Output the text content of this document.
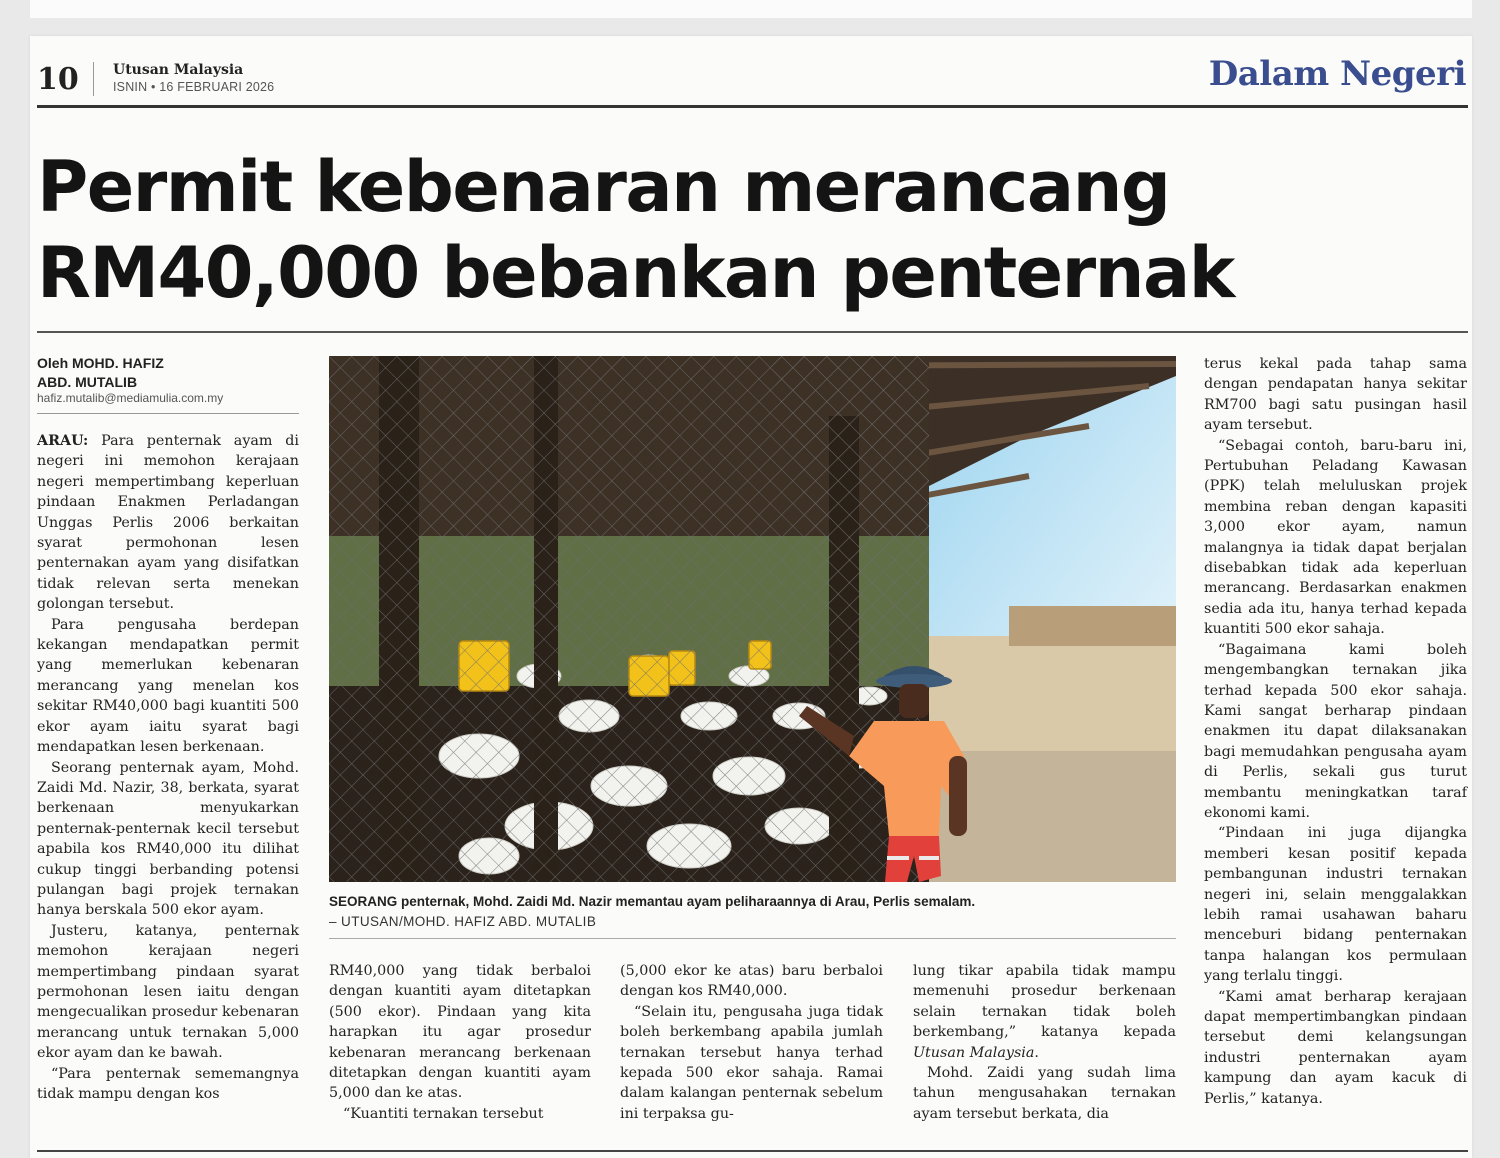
10 Utusan Malaysia
ISNIN • 16 FEBRUARI 2026	Dalam Negeri
Permit kebenaran merancang RM40,000 bebankan penternak
Oleh MOHD. HAFIZ
ABD. MUTALIB
hafiz.mutalib@mediamulia.com.my

ARAU: Para penternak ayam di negeri ini memohon kerajaan negeri mempertimbang keperluan pindaan Enakmen Perladangan Unggas Perlis 2006 berkaitan syarat permohonan lesen penternakan ayam yang disifatkan tidak relevan serta menekan golongan tersebut.

Para pengusaha berdepan kekangan mendapatkan permit yang memerlukan kebenaran merancang yang menelan kos sekitar RM40,000 bagi kuantiti 500 ekor ayam iaitu syarat bagi mendapatkan lesen berkenaan.

Seorang penternak ayam, Mohd. Zaidi Md. Nazir, 38, berkata, syarat berkenaan menyukarkan penternak-penternak kecil tersebut apabila kos RM40,000 itu dilihat cukup tinggi berbanding potensi pulangan bagi projek ternakan hanya berskala 500 ekor ayam.

Justeru, katanya, penternak memohon kerajaan negeri mempertimbang pindaan syarat permohonan lesen iaitu dengan mengecualikan prosedur kebenaran merancang untuk ternakan 5,000 ekor ayam dan ke bawah.

“Para penternak sememangnya tidak mampu dengan kos

SEORANG penternak, Mohd. Zaidi Md. Nazir memantau ayam peliharaannya di Arau, Perlis semalam.
– UTUSAN/MOHD. HAFIZ ABD. MUTALIB

RM40,000 yang tidak berbaloi dengan kuantiti ayam ditetapkan (500 ekor). Pindaan yang kita harapkan itu agar prosedur kebenaran merancang berkenaan ditetapkan dengan kuantiti ayam 5,000 dan ke atas.

“Kuantiti ternakan tersebut

(5,000 ekor ke atas) baru berbaloi dengan kos RM40,000.

“Selain itu, pengusaha juga tidak boleh berkembang apabila jumlah ternakan tersebut hanya terhad kepada 500 ekor sahaja. Ramai dalam kalangan penternak sebelum ini terpaksa gu-

lung tikar apabila tidak mampu memenuhi prosedur berkenaan selain ternakan tidak boleh berkembang,” katanya kepada Utusan Malaysia.

Mohd. Zaidi yang sudah lima tahun mengusahakan ternakan ayam tersebut berkata, dia

terus kekal pada tahap sama dengan pendapatan hanya sekitar RM700 bagi satu pusingan hasil ayam tersebut.

“Sebagai contoh, baru-baru ini, Pertubuhan Peladang Kawasan (PPK) telah meluluskan projek membina reban dengan kapasiti 3,000 ekor ayam, namun malangnya ia tidak dapat berjalan disebabkan tidak ada keperluan merancang. Berdasarkan enakmen sedia ada itu, hanya terhad kepada kuantiti 500 ekor sahaja.

“Bagaimana kami boleh mengembangkan ternakan jika terhad kepada 500 ekor sahaja. Kami sangat berharap pindaan enakmen itu dapat dilaksanakan bagi memudahkan pengusaha ayam di Perlis, sekali gus turut membantu meningkatkan taraf ekonomi kami.

“Pindaan ini juga dijangka memberi kesan positif kepada pembangunan industri ternakan negeri ini, selain menggalakkan lebih ramai usahawan baharu menceburi bidang penternakan tanpa halangan kos permulaan yang terlalu tinggi.

“Kami amat berharap kerajaan dapat mempertimbangkan pindaan tersebut demi kelangsungan industri penternakan ayam kampung dan ayam kacuk di Perlis,” katanya.
